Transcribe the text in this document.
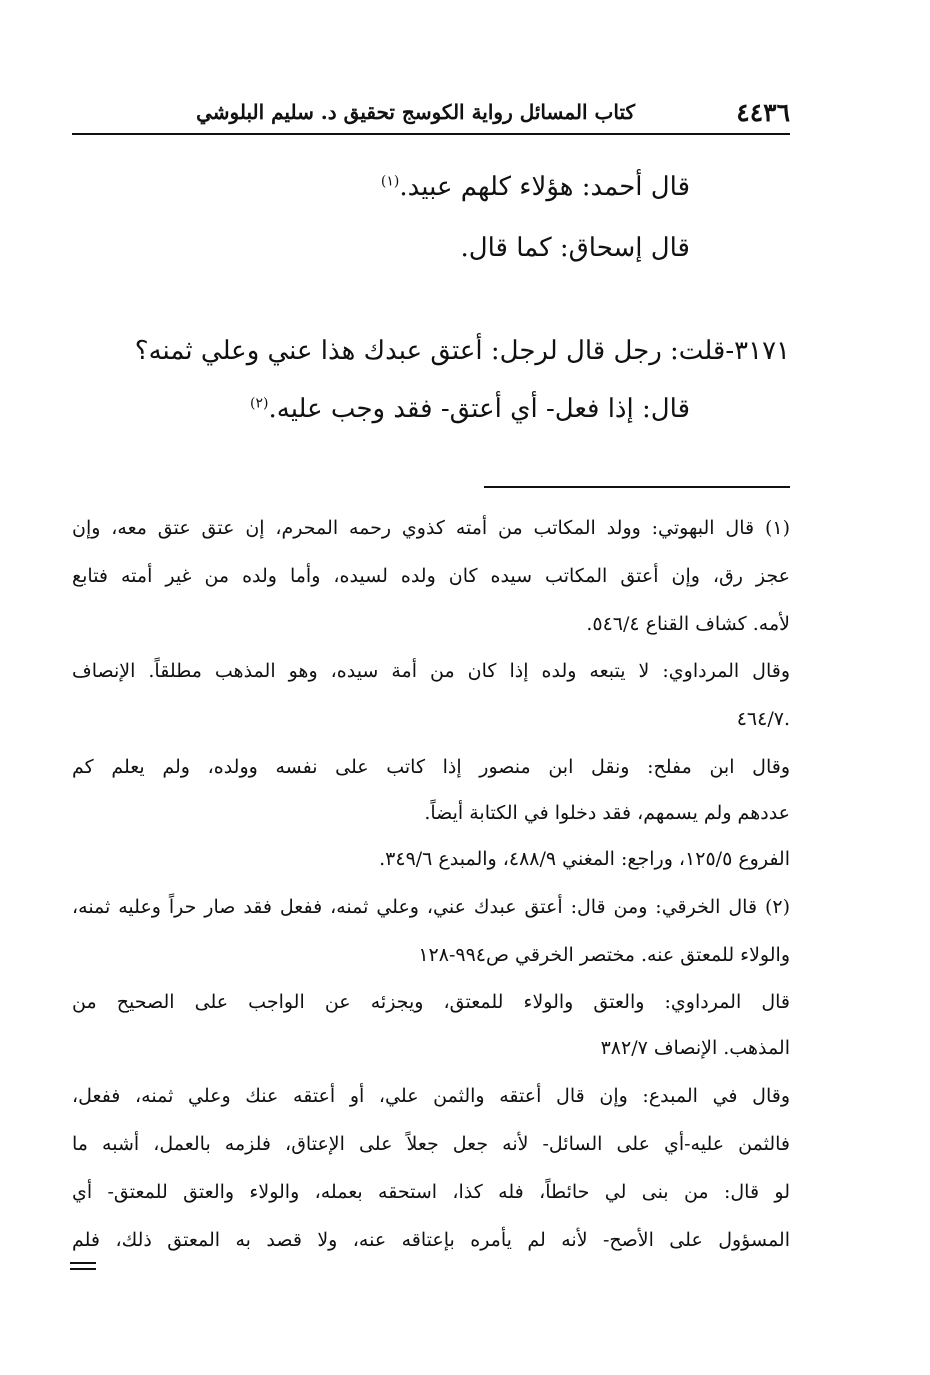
٤٤٣٦
كتاب المسائل رواية الكوسج تحقيق د. سليم البلوشي
قال أحمد: هؤلاء كلهم عبيد.$^{(١)}$
قال إسحاق: كما قال.
٣١٧١-قلت: رجل قال لرجل: أعتق عبدك هذا عني وعلي ثمنه؟
قال: إذا فعل- أي أعتق- فقد وجب عليه.$^{(٢)}$
(١) قال البهوتي: وولد المكاتب من أمته كذوي رحمه المحرم، إن عتق عتق معه، وإن
عجز رق، وإن أعتق المكاتب سيده كان ولده لسيده، وأما ولده من غير أمته فتابع
لأمه. كشاف القناع ٥٤٦/٤.
وقال المرداوي: لا يتبعه ولده إذا كان من أمة سيده، وهو المذهب مطلقاً. الإنصاف
.٤٦٤/٧
وقال ابن مفلح: ونقل ابن منصور إذا كاتب على نفسه وولده، ولم يعلم كم
عددهم ولم يسمهم، فقد دخلوا في الكتابة أيضاً.
الفروع ١٢٥/٥، وراجع: المغني ٤٨٨/٩، والمبدع ٣٤٩/٦.
(٢) قال الخرقي: ومن قال: أعتق عبدك عني، وعلي ثمنه، ففعل فقد صار حراً وعليه ثمنه،
والولاء للمعتق عنه. مختصر الخرقي ص٩٩٤-١٢٨
قال المرداوي: والعتق والولاء للمعتق، ويجزئه عن الواجب على الصحيح من
المذهب. الإنصاف ٣٨٢/٧
وقال في المبدع: وإن قال أعتقه والثمن علي، أو أعتقه عنك وعلي ثمنه، ففعل،
فالثمن عليه-أي على السائل- لأنه جعل جعلاً على الإعتاق، فلزمه بالعمل، أشبه ما
لو قال: من بنى لي حائطاً، فله كذا، استحقه بعمله، والولاء والعتق للمعتق- أي
المسؤول على الأصح- لأنه لم يأمره بإعتاقه عنه، ولا قصد به المعتق ذلك، فلم
